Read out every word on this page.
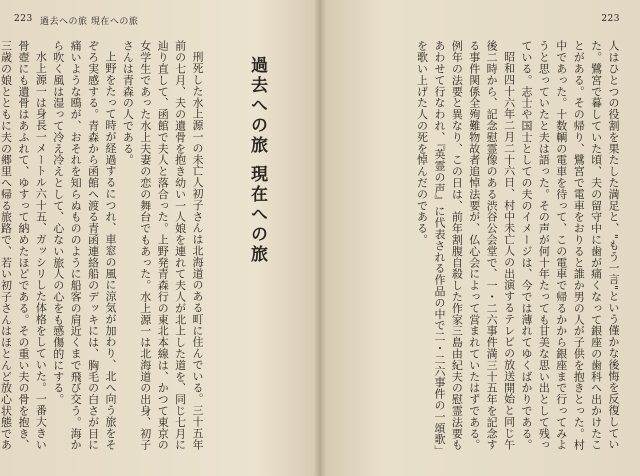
223 過去への旅 現在への旅
過去への旅 現在への旅

刑死した水上源一の未亡人初子さんは北海道のある町に住んでいる。三十五年前の七月、夫の遺骨を抱き幼い一人娘を連れて夫人が北上した道を、同じ七月に辿り直して、函館で夫人と落合った。上野発青森行の東北本線は、かつて東京の女学生であった水上夫妻の恋の舞台でもあった。水上源一は北海道の出身、初子さんは青森の人である。

上野をたって時が経過するにつれ、車窓の風に涼気が加わり、北へ向う旅をそぞろ実感する。青森から函館へ渡る青函連絡船のデッキには、胸毛の白さが目に痛いような鴎が、おそれを知らぬもののように船客の肩近くまで飛び交う。海から吹く風は湿って冷え冷えとして、心ない旅人の心をも感傷的にする。

水上源一は身長一メートル六十五、ガッシリした体格をしていた。一番大きい骨壺にも遺骨はあふれて、ゆすって納めたほどである。その重い夫の骨を抱き、三歳の娘とともに夫の郷里へ帰る旅路で、若い初子さんはほとんど放心状態であ

223

人はひとつの役割を果たした満足と、"もう一言"という僅かな後悔を反復していた。鷺宮で暮していた頃、夫の留守中に歯が痛くなって銀座の歯科へ出かけたことがある。その帰り、鷺宮で電車をおりると誰か男の人が子供を抱きとった。村中であった。十数輌の電車を待って、この電車で帰るかから銀座まで行ってみようと思っていたと夫は語った。その声が何十年たっても甘美な思い出として残っている。志士や国士としての夫のイメージは、今では薄れてゆくばかりである。

昭和四十六年二月二十六日、村中未亡人の出演するテレビの放送開始と同じ午後二時から、記念慰霊像のある渋谷公会堂で、一・二六事件満三十五年を記念する事件関係全殉難物故者追悼法要が、仏心会によって営まれていたはずである。例年の法要と異なり、この日は、前年割腹自殺した作家三島由紀夫の慰霊法要もあわせて行なわれ、『英霊の声』に代表される作品の中で二・二六事件の一頌歌」を歌い上げた人の死を悼んだのである。
